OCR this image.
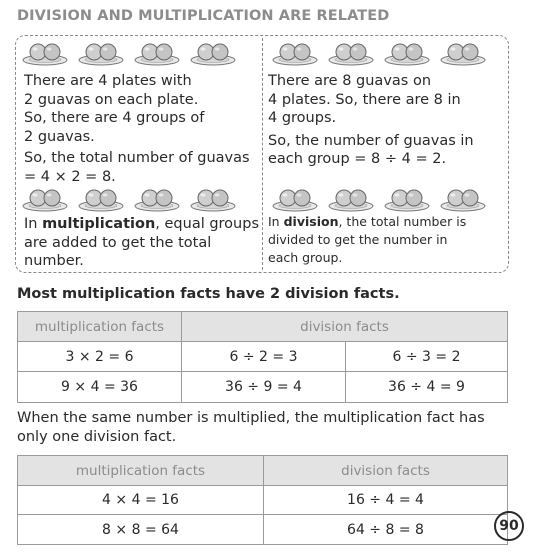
DIVISION AND MULTIPLICATION ARE RELATED

There are 4 plates with

2 guavas on each plate.

So, there are 4 groups of

2 guavas.

So, the total number of guavas

= 4 × 2 = 8.

In multiplication, equal groups

are added to get the total

number.

There are 8 guavas on

4 plates. So, there are 8 in

4 groups.

So, the number of guavas in

each group = 8 ÷ 4 = 2.

In division, the total number is

divided to get the number in

each group.

Most multiplication facts have 2 division facts.
multiplication facts	division facts	
3 × 2 = 6	6 ÷ 2 = 3	6 ÷ 3 = 2
9 × 4 = 36	36 ÷ 9 = 4	36 ÷ 4 = 9
When the same number is multiplied, the multiplication fact has
only one division fact.
multiplication facts	division facts
4 × 4 = 16	16 ÷ 4 = 4
8 × 8 = 64	64 ÷ 8 = 8	90
